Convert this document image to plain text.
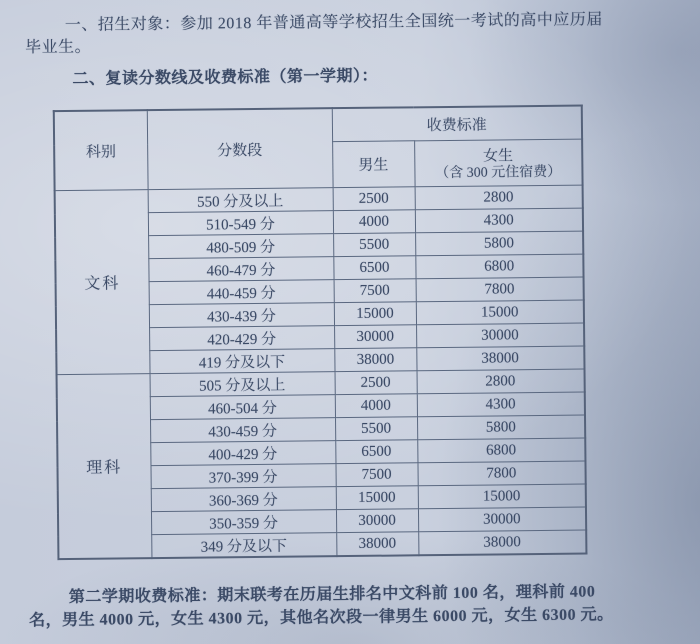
一、招生对象：参加 2018 年普通高等学校招生全国统一考试的高中应历届
毕业生。
二、复读分数线及收费标准（第一学期）：
科别	分数段	收费标准	
		男生	女生
（含 300 元住宿费）

文科	550 分及以上	2500	2800
	510-549 分	4000	4300
	480-509 分	5500	5800
	460-479 分	6500	6800
	440-459 分	7500	7800
	430-439 分	15000	15000
	420-429 分	30000	30000
	419 分及以下	38000	38000
理科	505 分及以上	2500	2800
	460-504 分	4000	4300
	430-459 分	5500	5800
	400-429 分	6500	6800
	370-399 分	7500	7800
	360-369 分	15000	15000
	350-359 分	30000	30000
	349 分及以下	38000	38000
第二学期收费标准：期末联考在历届生排名中文科前 100 名，理科前 400
名，男生 4000 元，女生 4300 元，其他名次段一律男生 6000 元，女生 6300 元。
